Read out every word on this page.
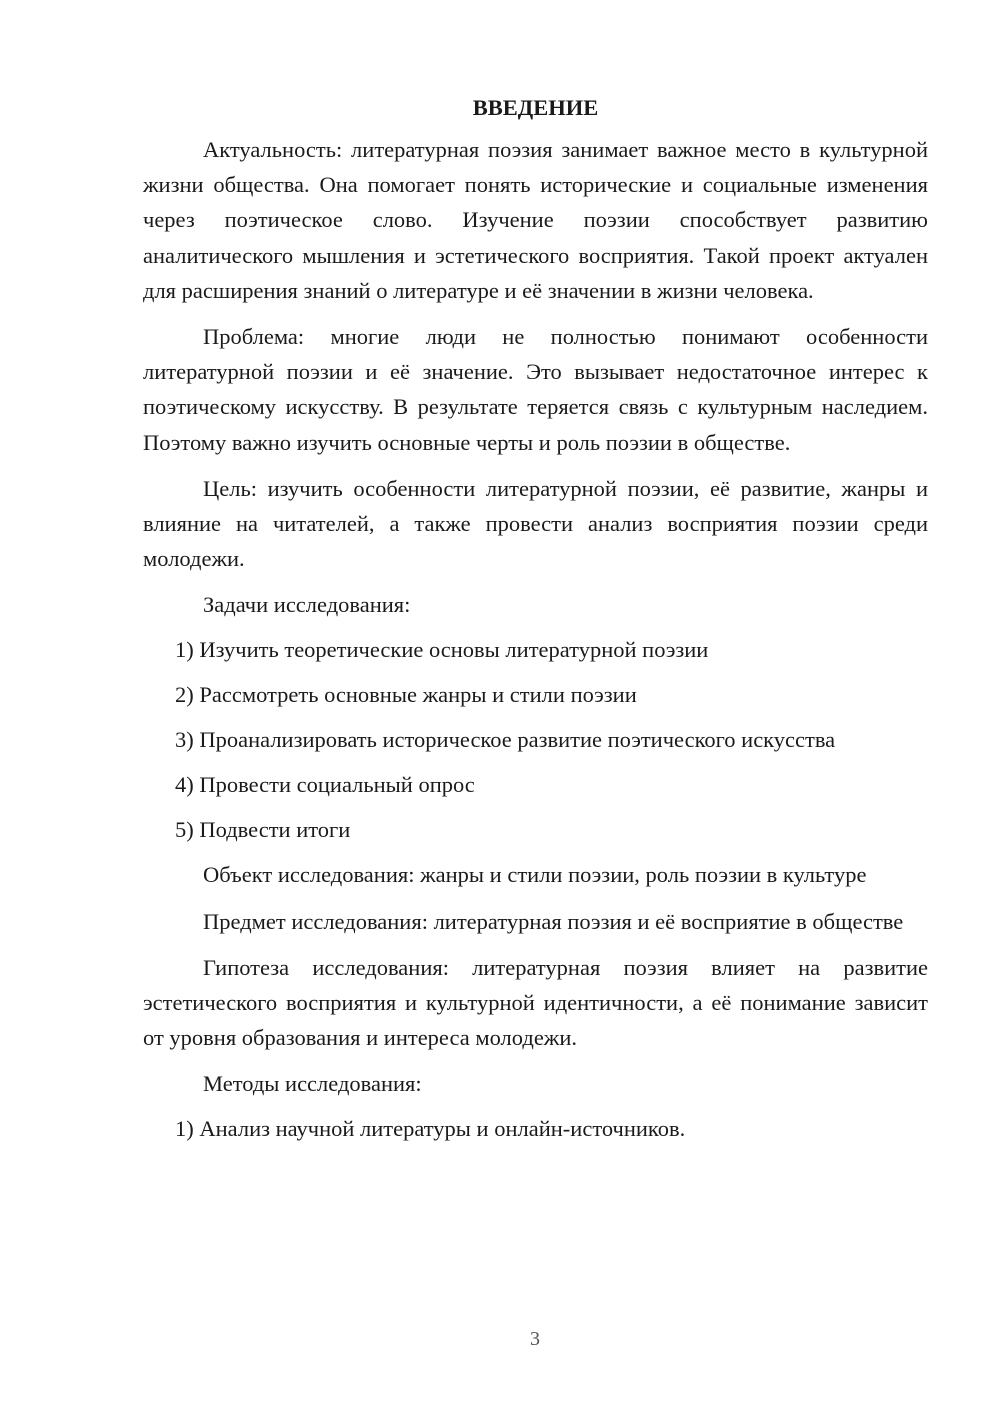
ВВЕДЕНИЕ

Актуальность: литературная поэзия занимает важное место в культурной жизни общества. Она помогает понять исторические и социальные изменения через поэтическое слово. Изучение поэзии способствует развитию аналитического мышления и эстетического восприятия. Такой проект актуален для расширения знаний о литературе и её значении в жизни человека.

Проблема: многие люди не полностью понимают особенности литературной поэзии и её значение. Это вызывает недостаточное интерес к поэтическому искусству. В результате теряется связь с культурным наследием. Поэтому важно изучить основные черты и роль поэзии в обществе.

Цель: изучить особенности литературной поэзии, её развитие, жанры и влияние на читателей, а также провести анализ восприятия поэзии среди молодежи.

Задачи исследования:

1) Изучить теоретические основы литературной поэзии

2) Рассмотреть основные жанры и стили поэзии

3) Проанализировать историческое развитие поэтического искусства

4) Провести социальный опрос

5) Подвести итоги

Объект исследования: жанры и стили поэзии, роль поэзии в культуре

Предмет исследования: литературная поэзия и её восприятие в обществе

Гипотеза исследования: литературная поэзия влияет на развитие эстетического восприятия и культурной идентичности, а её понимание зависит от уровня образования и интереса молодежи.

Методы исследования:

1) Анализ научной литературы и онлайн-источников.

3
